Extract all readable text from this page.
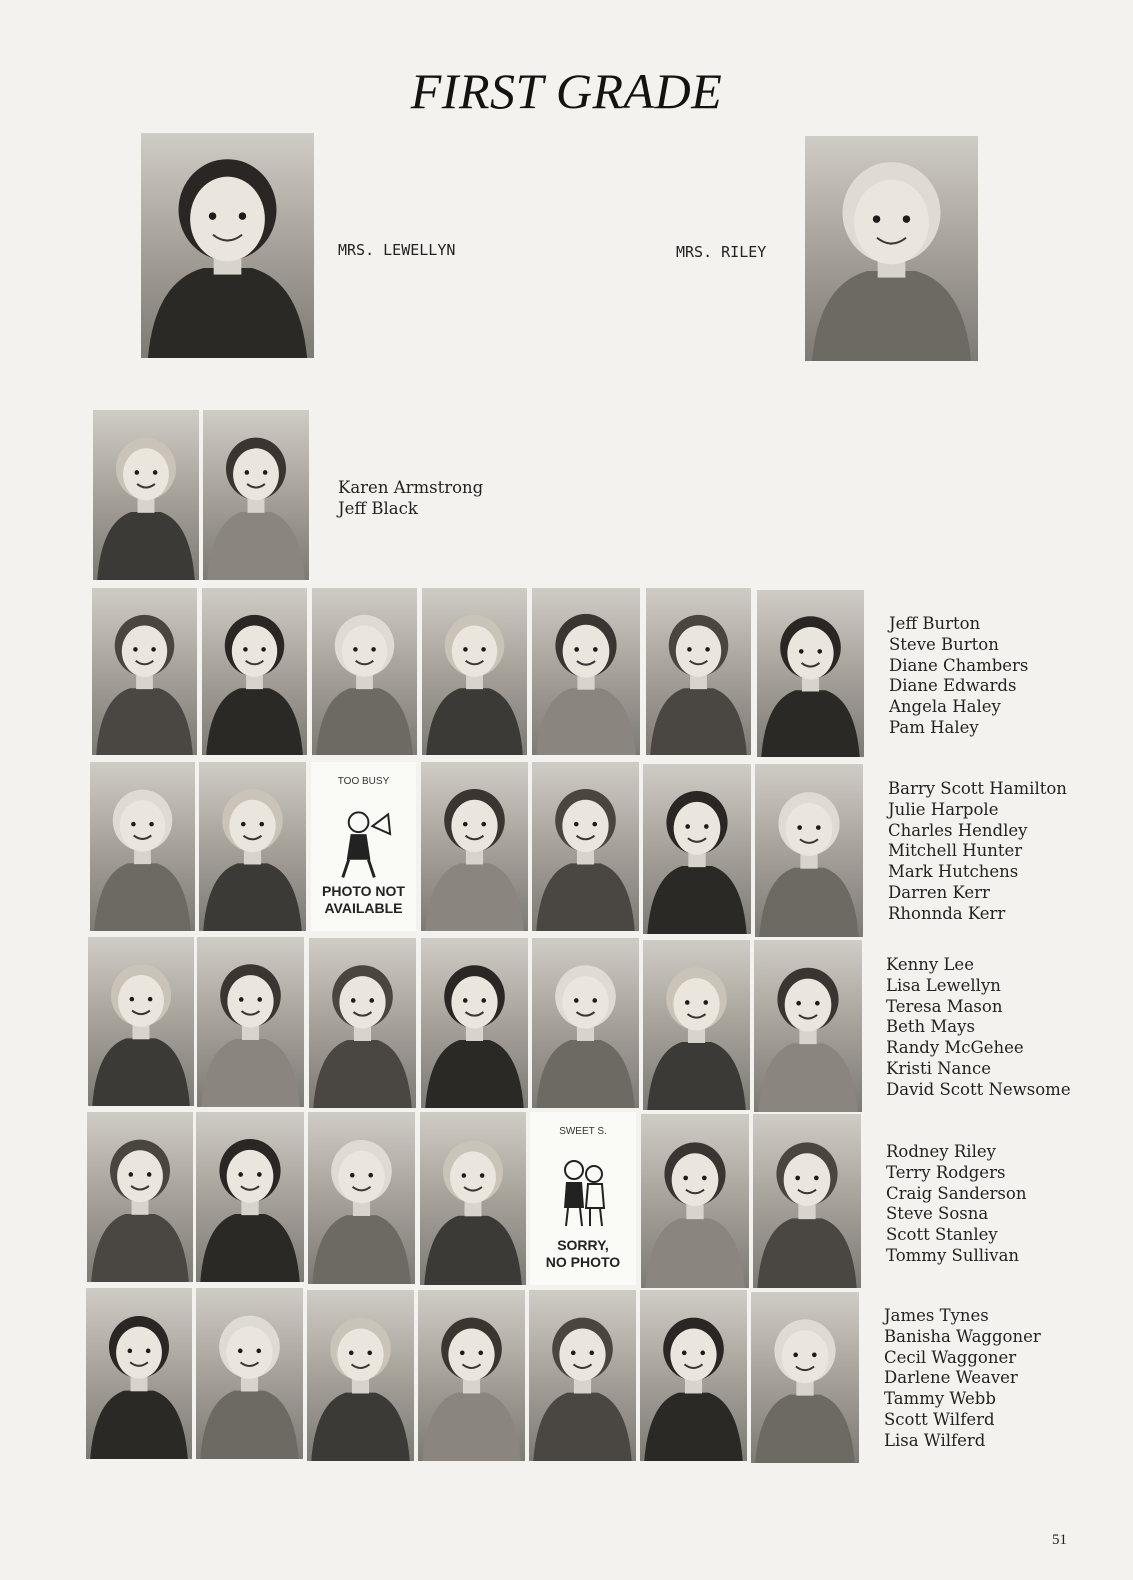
FIRST GRADE
MRS. LEWELLYN	MRS. RILEY
Karen Armstrong
Jeff Black
Jeff Burton
Steve Burton
Diane Chambers
Diane Edwards
Angela Haley
Pam Haley
TOO BUSY
PHOTO NOT
AVAILABLE
Barry Scott Hamilton
Julie Harpole
Charles Hendley
Mitchell Hunter
Mark Hutchens
Darren Kerr
Rhonnda Kerr
Kenny Lee
Lisa Lewellyn
Teresa Mason
Beth Mays
Randy McGehee
Kristi Nance
David Scott Newsome
SWEET S.
SORRY,
NO PHOTO
Rodney Riley
Terry Rodgers
Craig Sanderson
Steve Sosna
Scott Stanley
Tommy Sullivan
James Tynes
Banisha Waggoner
Cecil Waggoner
Darlene Weaver
Tammy Webb
Scott Wilferd
Lisa Wilferd
51
